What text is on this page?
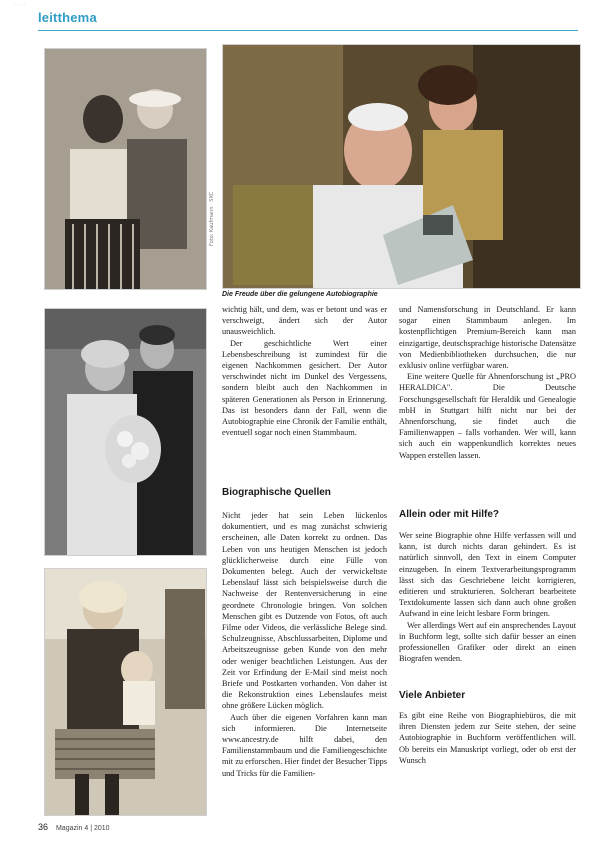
· · · ·
leitthema
Foto: Kaufmann · SXC
Die Freude über die gelungene Autobiographie

wichtig hält, und dem, was er betont und was er verschweigt, ändert sich der Autor unausweichlich.

Der geschichtliche Wert einer Lebensbeschreibung ist zumindest für die eigenen Nachkommen gesichert. Der Autor verschwindet nicht im Dunkel des Vergessens, sondern bleibt auch den Nachkommen in späteren Generationen als Person in Erinnerung. Das ist besonders dann der Fall, wenn die Autobiographie eine Chronik der Familie enthält, eventuell sogar noch einen Stammbaum.

Biographische Quellen

Nicht jeder hat sein Leben lückenlos dokumentiert, und es mag zunächst schwierig erscheinen, alle Daten korrekt zu ordnen. Das Leben von uns heutigen Menschen ist jedoch glücklicherweise durch eine Fülle von Dokumenten belegt. Auch der verwickeltste Lebenslauf lässt sich beispielsweise durch die Nachweise der Rentenversicherung in eine geordnete Chronologie bringen. Von solchen Menschen gibt es Dutzende von Fotos, oft auch Filme oder Videos, die verlässliche Belege sind. Schulzeugnisse, Abschlussarbeiten, Diplome und Arbeitszeugnisse geben Kunde von den mehr oder weniger beachtlichen Leistungen. Aus der Zeit vor Erfindung der E-Mail sind meist noch Briefe und Postkarten vorhanden. Von daher ist die Rekonstruktion eines Lebenslaufes meist ohne größere Lücken möglich.

Auch über die eigenen Vorfahren kann man sich informieren. Die Internetseite www.ancestry.de hilft dabei, den Familienstammbaum und die Familiengeschichte mit zu erforschen. Hier findet der Besucher Tipps und Tricks für die Familien-

und Namensforschung in Deutschland. Er kann sogar einen Stammbaum anlegen. Im kostenpflichtigen Premium-Bereich kann man einzigartige, deutschsprachige historische Datensätze von Medienbibliotheken durchsuchen, die nur exklusiv online verfügbar waren.

Eine weitere Quelle für Ahnenforschung ist „PRO HERALDICA". Die Deutsche Forschungsgesellschaft für Heraldik und Genealogie mbH in Stuttgart hilft nicht nur bei der Ahnenforschung, sie findet auch die Familienwappen – falls vorhanden. Wer will, kann sich auch ein wappenkundlich korrektes neues Wappen erstellen lassen.

Allein oder mit Hilfe?

Wer seine Biographie ohne Hilfe verfassen will und kann, ist durch nichts daran gehindert. Es ist natürlich sinnvoll, den Text in einem Computer einzugeben. In einem Textverarbeitungsprogramm lässt sich das Geschriebene leicht korrigieren, editieren und strukturieren. Solcherart bearbeitete Textdokumente lassen sich dann auch ohne großen Aufwand in eine leicht lesbare Form bringen.

Wer allerdings Wert auf ein ansprechendes Layout in Buchform legt, sollte sich dafür besser an einen professionellen Grafiker oder direkt an einen Biografen wenden.

Viele Anbieter

Es gibt eine Reihe von Biographiebüros, die mit ihren Diensten jedem zur Seite stehen, der seine Autobiographie in Buchform veröffentlichen will. Ob bereits ein Manuskript vorliegt, oder ob erst der Wunsch

36 Magazin 4 | 2010
